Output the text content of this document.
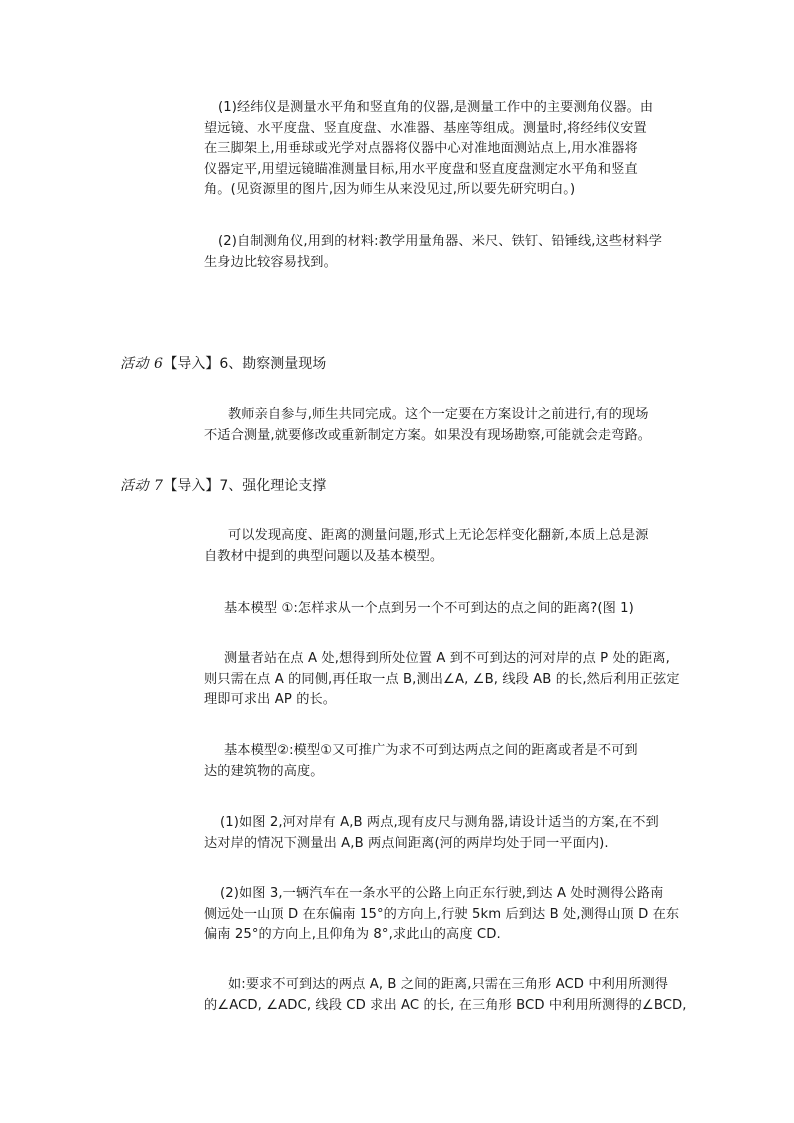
(1)经纬仪是测量水平角和竖直角的仪器,是测量工作中的主要测角仪器。由
望远镜、水平度盘、竖直度盘、水准器、基座等组成。测量时,将经纬仪安置
在三脚架上,用垂球或光学对点器将仪器中心对准地面测站点上,用水准器将
仪器定平,用望远镜瞄准测量目标,用水平度盘和竖直度盘测定水平角和竖直
角。(见资源里的图片,因为师生从来没见过,所以要先研究明白。)
(2)自制测角仪,用到的材料:教学用量角器、米尺、铁钉、铅锤线,这些材料学
生身边比较容易找到。
活动 6【导入】6、勘察测量现场
教师亲自参与,师生共同完成。这个一定要在方案设计之前进行,有的现场
不适合测量,就要修改或重新制定方案。如果没有现场勘察,可能就会走弯路。
活动 7【导入】7、强化理论支撑
可以发现高度、距离的测量问题,形式上无论怎样变化翻新,本质上总是源
自教材中提到的典型问题以及基本模型。
基本模型 ①:怎样求从一个点到另一个不可到达的点之间的距离?(图 1)
测量者站在点 A 处,想得到所处位置 A 到不可到达的河对岸的点 P 处的距离,
则只需在点 A 的同侧,再任取一点 B,测出∠A, ∠B, 线段 AB 的长,然后利用正弦定
理即可求出 AP 的长。
基本模型②:模型①又可推广为求不可到达两点之间的距离或者是不可到
达的建筑物的高度。
(1)如图 2,河对岸有 A,B 两点,现有皮尺与测角器,请设计适当的方案,在不到
达对岸的情况下测量出 A,B 两点间距离(河的两岸均处于同一平面内).
(2)如图 3,一辆汽车在一条水平的公路上向正东行驶,到达 A 处时测得公路南
侧远处一山顶 D 在东偏南 15°的方向上,行驶 5km 后到达 B 处,测得山顶 D 在东
偏南 25°的方向上,且仰角为 8°,求此山的高度 CD.
如:要求不可到达的两点 A, B 之间的距离,只需在三角形 ACD 中利用所测得
的∠ACD, ∠ADC, 线段 CD 求出 AC 的长, 在三角形 BCD 中利用所测得的∠BCD,
